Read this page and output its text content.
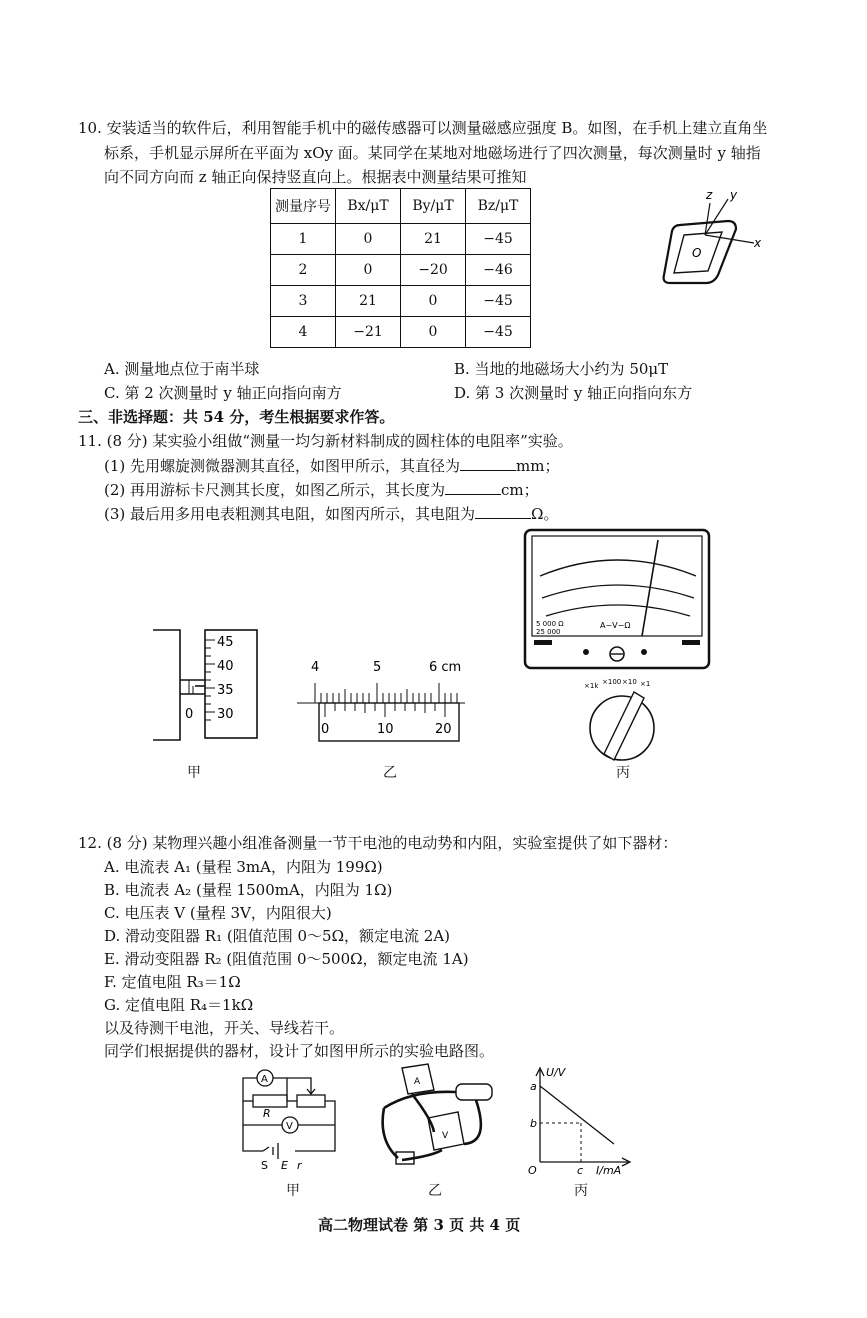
10. 安装适当的软件后，利用智能手机中的磁传感器可以测量磁感应强度 B。如图，在手机上建立直角坐
标系，手机显示屏所在平面为 xOy 面。某同学在某地对地磁场进行了四次测量，每次测量时 y 轴指
向不同方向而 z 轴正向保持竖直向上。根据表中测量结果可推知
测量序号	Bx/μT	By/μT	Bz/μT
1	0	21	−45
2	0	−20	−46
3	21	0	−45
4	−21	0	−45
z y
x
O
A. 测量地点位于南半球	B. 当地的地磁场大小约为 50μT
C. 第 2 次测量时 y 轴正向指向南方	D. 第 3 次测量时 y 轴正向指向东方
三、非选择题：共 54 分，考生根据要求作答。
11. (8 分) 某实验小组做“测量一均匀新材料制成的圆柱体的电阻率”实验。
(1) 先用螺旋测微器测其直径，如图甲所示，其直径为	mm；
(2) 再用游标卡尺测其长度，如图乙所示，其长度为	cm；
(3) 最后用多用电表粗测其电阻，如图丙所示，其电阻为	Ω。
45
40
35
30
0
4	5	6 cm
0	10	20
A−V−Ω
5 000 Ω
25 000
×1k ×100 ×10 ×1
甲	乙	丙
12. (8 分) 某物理兴趣小组准备测量一节干电池的电动势和内阻，实验室提供了如下器材：
A. 电流表 A₁ (量程 3mA，内阻为 199Ω)
B. 电流表 A₂ (量程 1500mA，内阻为 1Ω)
C. 电压表 V (量程 3V，内阻很大)
D. 滑动变阻器 R₁ (阻值范围 0～5Ω，额定电流 2A)
E. 滑动变阻器 R₂ (阻值范围 0～500Ω，额定电流 1A)
F. 定值电阻 R₃＝1Ω
G. 定值电阻 R₄＝1kΩ
以及待测干电池，开关、导线若干。
同学们根据提供的器材，设计了如图甲所示的实验电路图。
A
V
R
S E r
A
V
U/V
I/mA
a
b
c
O
甲	乙	丙
高二物理试卷 第 3 页 共 4 页
